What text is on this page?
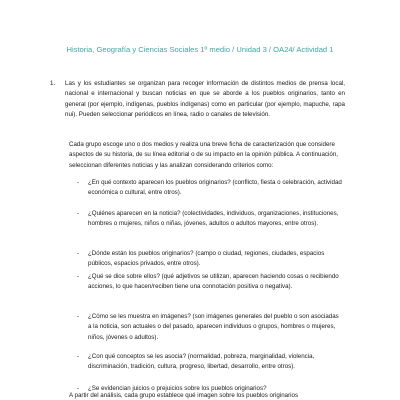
Historia, Geografía y Ciencias Sociales 1º medio / Unidad 3 / OA24/ Actividad 1
1. Las y los estudiantes se organizan para recoger información de distintos medios de prensa local, nacional e internacional y buscan noticias en que se aborde a los pueblos originarios, tanto en general (por ejemplo, indígenas, pueblos indígenas) como en particular (por ejemplo, mapuche, rapa nui). Pueden seleccionar periódicos en línea, radio o canales de televisión.
Cada grupo escoge uno o dos medios y realiza una breve ficha de caracterización que considere aspectos de su historia, de su línea editorial o de su impacto en la opinión pública. A continuación, seleccionan diferentes noticias y las analizan considerando criterios como:
- ¿En qué contexto aparecen los pueblos originarios? (conflicto, fiesta o celebración, actividad económica o cultural, entre otros).
- ¿Quiénes aparecen en la noticia? (colectividades, individuos, organizaciones, instituciones, hombres o mujeres, niños o niñas, jóvenes, adultos o adultos mayores, entre otros).
- ¿Dónde están los pueblos originarios? (campo o ciudad, regiones, ciudades, espacios públicos, espacios privados, entre otros).
- ¿Qué se dice sobre ellos? (qué adjetivos se utilizan, aparecen haciendo cosas o recibiendo acciones, lo que hacen/reciben tiene una connotación positiva o negativa).
- ¿Cómo se les muestra en imágenes? (son imágenes generales del pueblo o son asociadas a la noticia, son actuales o del pasado, aparecen individuos o grupos, hombres o mujeres, niños, jóvenes o adultos).
- ¿Con qué conceptos se les asocia? (normalidad, pobreza, marginalidad, violencia, discriminación, tradición, cultura, progreso, libertad, desarrollo, entre otros).
- ¿Se evidencian juicios o prejuicios sobre los pueblos originarios?
A partir del análisis, cada grupo establece qué imagen sobre los pueblos originarios
